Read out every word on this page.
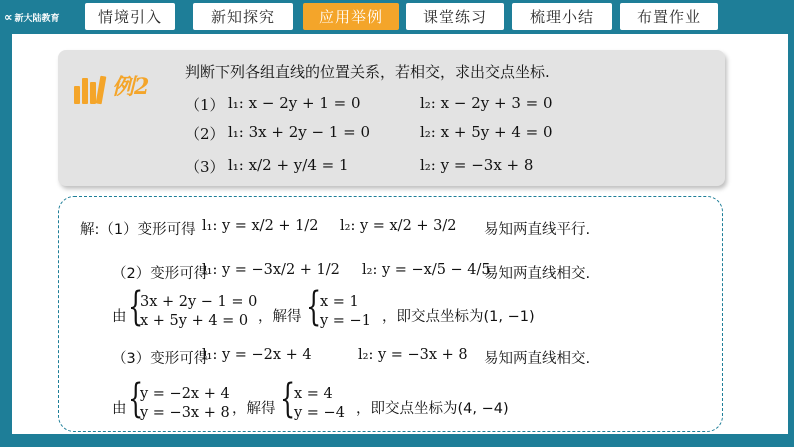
∝ 新大陆教育	情境引入	新知探究	应用举例	课堂练习	梳理小结	布置作业
例2
判断下列各组直线的位置关系，若相交，求出交点坐标.
（1） l₁: x − 2y + 1 = 0	l₂: x − 2y + 3 = 0
（2） l₁: 3x + 2y − 1 = 0	l₂: x + 5y + 4 = 0
（3） l₁: x/2 + y/4 = 1	l₂: y = −3x + 8
解:（1）变形可得 l₁: y = x/2 + 1/2 l₂: y = x/2 + 3/2 易知两直线平行.
（2）变形可得
l₁: y = −3x/2 + 1/2 l₂: y = −x/5 − 4/5
易知两直线相交.
由 {
3x + 2y − 1 = 0
x + 5y + 4 = 0 ，解得 {
x = 1
y = −1 ，即交点坐标为(1, −1)
（3）变形可得
l₁: y = −2x + 4	l₂: y = −3x + 8 易知两直线相交.
由 {
y = −2x + 4
y = −3x + 8 ，解得 {
x = 4
y = −4 ，即交点坐标为(4, −4)
